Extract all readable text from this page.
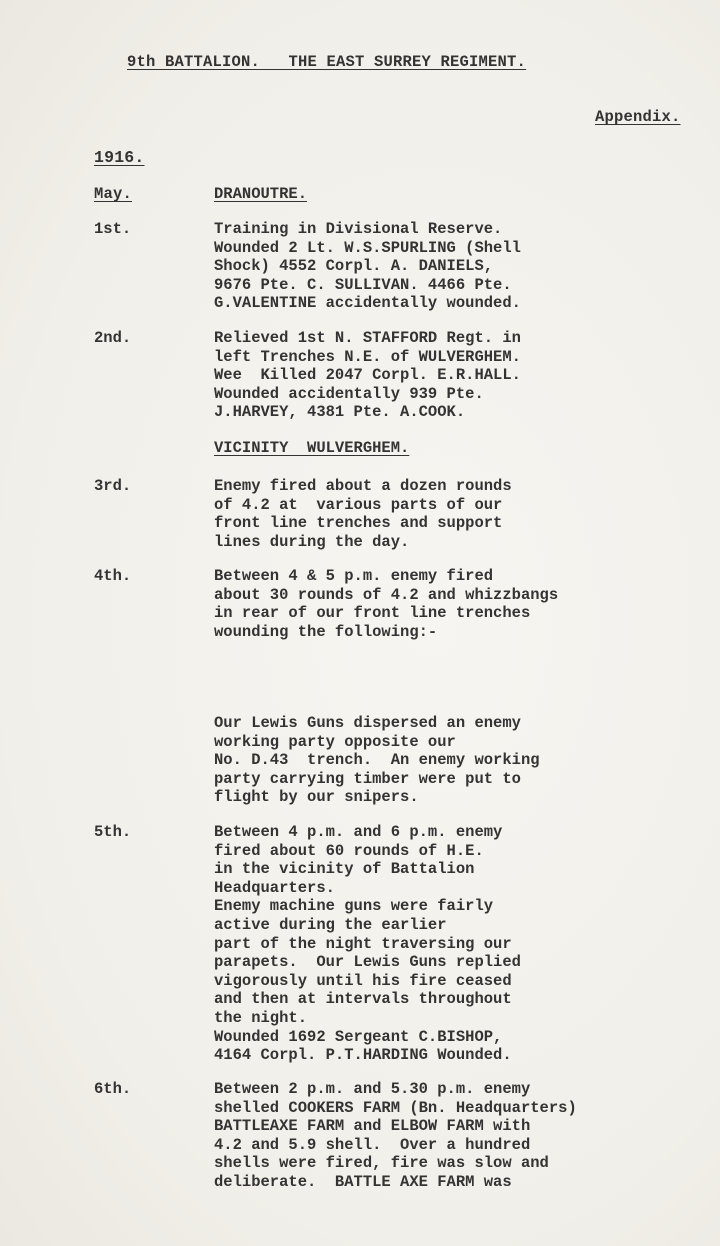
9th BATTALION.   THE EAST SURREY REGIMENT.
Appendix.
1916.
May.	DRANOUTRE.
1st.	Training in Divisional Reserve.
Wounded 2 Lt. W.S.SPURLING (Shell
Shock) 4552 Corpl. A. DANIELS,
9676 Pte. C. SULLIVAN. 4466 Pte.
G.VALENTINE accidentally wounded.
2nd.	Relieved 1st N. STAFFORD Regt. in
left Trenches N.E. of WULVERGHEM.
Wee  Killed 2047 Corpl. E.R.HALL.
Wounded accidentally 939 Pte.
J.HARVEY, 4381 Pte. A.COOK.
VICINITY  WULVERGHEM.
3rd.	Enemy fired about a dozen rounds
of 4.2 at  various parts of our
front line trenches and support
lines during the day.
4th.	Between 4 & 5 p.m. enemy fired
about 30 rounds of 4.2 and whizzbangs
in rear of our front line trenches
wounding the following:-
Our Lewis Guns dispersed an enemy
working party opposite our
No. D.43  trench.  An enemy working
party carrying timber were put to
flight by our snipers.
5th.	Between 4 p.m. and 6 p.m. enemy
fired about 60 rounds of H.E.
in the vicinity of Battalion
Headquarters.
Enemy machine guns were fairly
active during the earlier
part of the night traversing our
parapets.  Our Lewis Guns replied
vigorously until his fire ceased
and then at intervals throughout
the night.
Wounded 1692 Sergeant C.BISHOP,
4164 Corpl. P.T.HARDING Wounded.
6th.	Between 2 p.m. and 5.30 p.m. enemy
shelled COOKERS FARM (Bn. Headquarters)
BATTLEAXE FARM and ELBOW FARM with
4.2 and 5.9 shell.  Over a hundred
shells were fired, fire was slow and
deliberate.  BATTLE AXE FARM was
